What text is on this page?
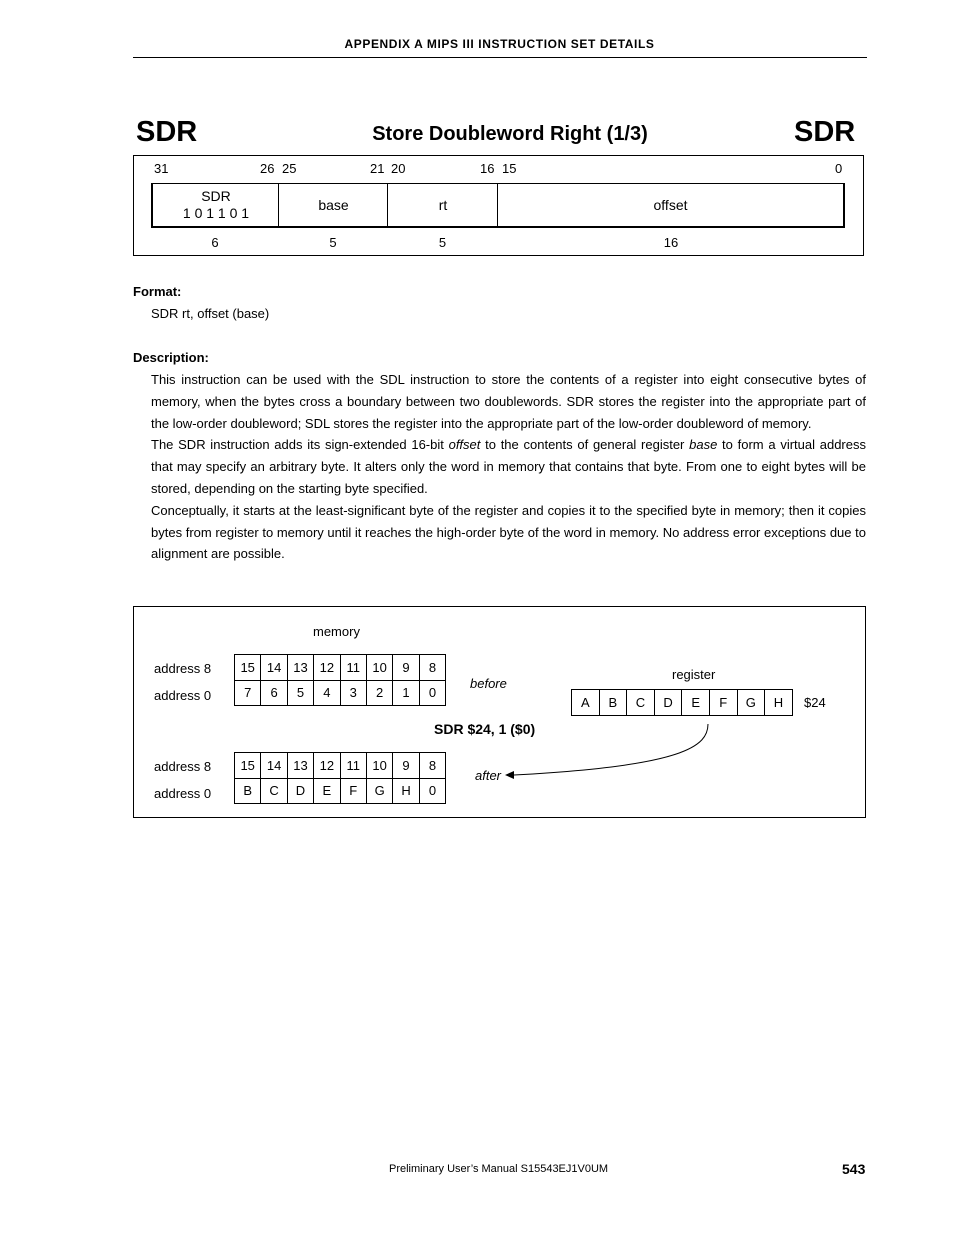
APPENDIX A MIPS III INSTRUCTION SET DETAILS
SDR	Store Doubleword Right (1/3)	SDR
31	26 25	21 20	16 15	0
SDR
1 0 1 1 0 1
base	rt	offset
6	5	5	16
Format:
SDR rt, offset (base)
Description:
This instruction can be used with the SDL instruction to store the contents of a register into eight consecutive bytes of memory, when the bytes cross a boundary between two doublewords. SDR stores the register into the appropriate part of the low-order doubleword; SDL stores the register into the appropriate part of the low-order doubleword of memory.
The SDR instruction adds its sign-extended 16-bit offset to the contents of general register base to form a virtual address that may specify an arbitrary byte. It alters only the word in memory that contains that byte. From one to eight bytes will be stored, depending on the starting byte specified.
Conceptually, it starts at the least-significant byte of the register and copies it to the specified byte in memory; then it copies bytes from register to memory until it reaches the high-order byte of the word in memory. No address error exceptions due to alignment are possible.
memory
address 8
address 0
15	14	13	12	11	10	9	8
7	6	5	4	3	2	1	0
before
register
A	B	C	D	E	F	G	H $24
SDR $24, 1 ($0)
address 8
address 0
15	14	13	12	11	10	9	8
B	C	D	E	F	G	H	0
after
Preliminary User’s Manual S15543EJ1V0UM	543
